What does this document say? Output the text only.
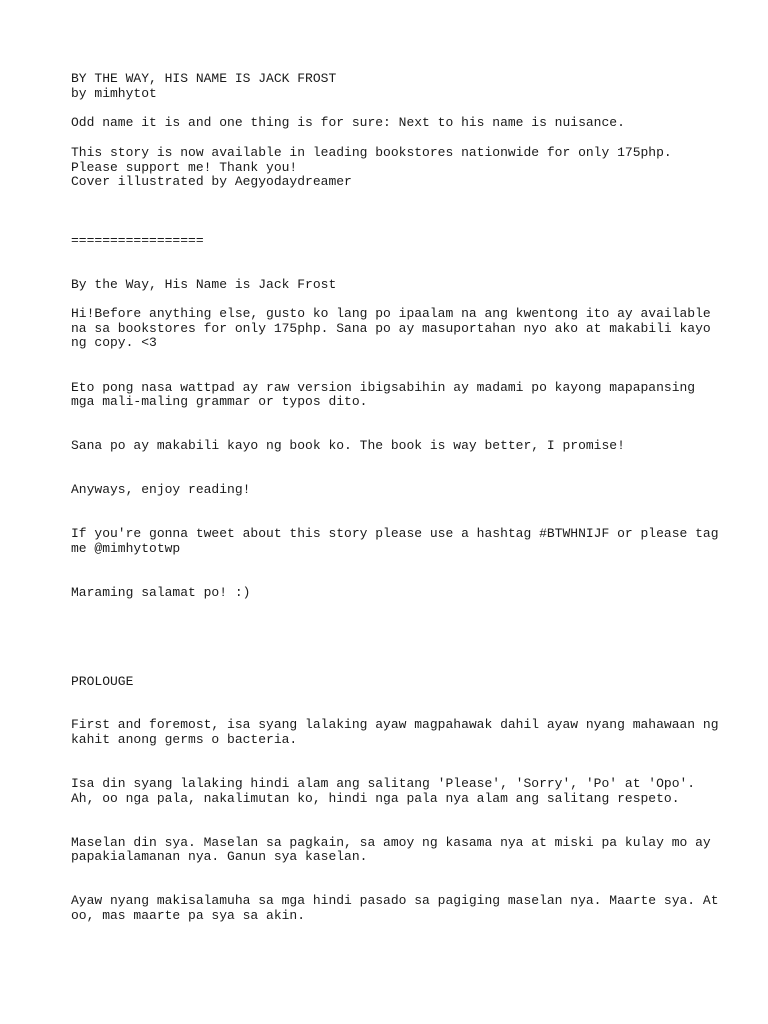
BY THE WAY, HIS NAME IS JACK FROST

by mimhytot

Odd name it is and one thing is for sure: Next to his name is nuisance.

This story is now available in leading bookstores nationwide for only 175php.

Please support me! Thank you!

Cover illustrated by Aegyodaydreamer

=================

By the Way, His Name is Jack Frost

Hi!Before anything else, gusto ko lang po ipaalam na ang kwentong ito ay available

na sa bookstores for only 175php. Sana po ay masuportahan nyo ako at makabili kayo

ng copy. <3

Eto pong nasa wattpad ay raw version ibigsabihin ay madami po kayong mapapansing

mga mali-maling grammar or typos dito.

Sana po ay makabili kayo ng book ko. The book is way better, I promise!

Anyways, enjoy reading!

If you're gonna tweet about this story please use a hashtag #BTWHNIJF or please tag

me @mimhytotwp

Maraming salamat po! :)

PROLOUGE

First and foremost, isa syang lalaking ayaw magpahawak dahil ayaw nyang mahawaan ng

kahit anong germs o bacteria.

Isa din syang lalaking hindi alam ang salitang 'Please', 'Sorry', 'Po' at 'Opo'.

Ah, oo nga pala, nakalimutan ko, hindi nga pala nya alam ang salitang respeto.

Maselan din sya. Maselan sa pagkain, sa amoy ng kasama nya at miski pa kulay mo ay

papakialamanan nya. Ganun sya kaselan.

Ayaw nyang makisalamuha sa mga hindi pasado sa pagiging maselan nya. Maarte sya. At

oo, mas maarte pa sya sa akin.
